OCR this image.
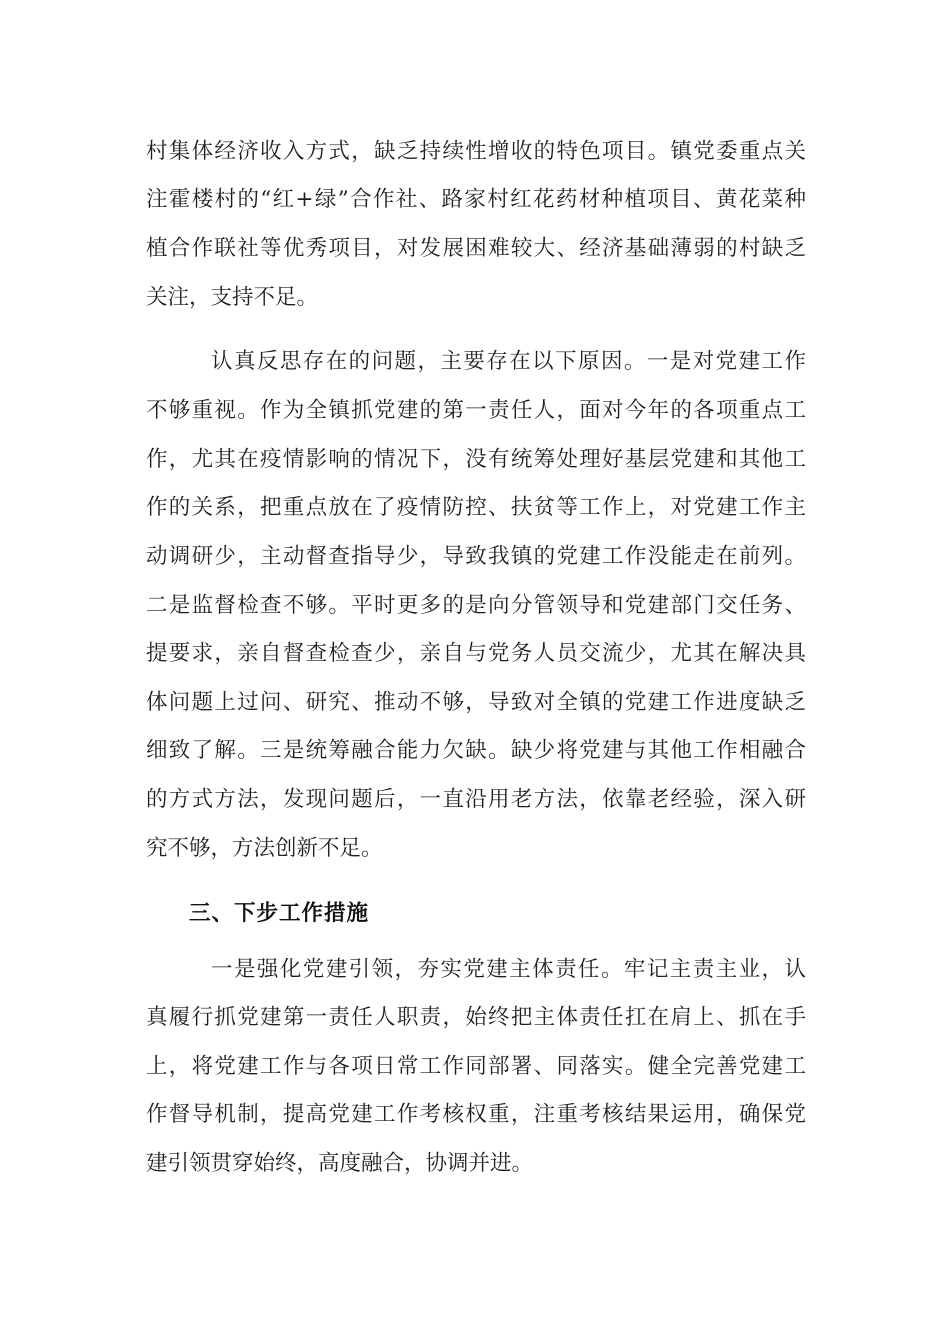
村集体经济收入方式，缺乏持续性增收的特色项目。镇党委重点关
注霍楼村的“红+绿”合作社、路家村红花药材种植项目、黄花菜种
植合作联社等优秀项目，对发展困难较大、经济基础薄弱的村缺乏
关注，支持不足。
认真反思存在的问题，主要存在以下原因。一是对党建工作
不够重视。作为全镇抓党建的第一责任人，面对今年的各项重点工
作，尤其在疫情影响的情况下，没有统筹处理好基层党建和其他工
作的关系，把重点放在了疫情防控、扶贫等工作上，对党建工作主
动调研少，主动督查指导少，导致我镇的党建工作没能走在前列。
二是监督检查不够。平时更多的是向分管领导和党建部门交任务、
提要求，亲自督查检查少，亲自与党务人员交流少，尤其在解决具
体问题上过问、研究、推动不够，导致对全镇的党建工作进度缺乏
细致了解。三是统筹融合能力欠缺。缺少将党建与其他工作相融合
的方式方法，发现问题后，一直沿用老方法，依靠老经验，深入研
究不够，方法创新不足。
三、下步工作措施
一是强化党建引领，夯实党建主体责任。牢记主责主业，认
真履行抓党建第一责任人职责，始终把主体责任扛在肩上、抓在手
上，将党建工作与各项日常工作同部署、同落实。健全完善党建工
作督导机制，提高党建工作考核权重，注重考核结果运用，确保党
建引领贯穿始终，高度融合，协调并进。
